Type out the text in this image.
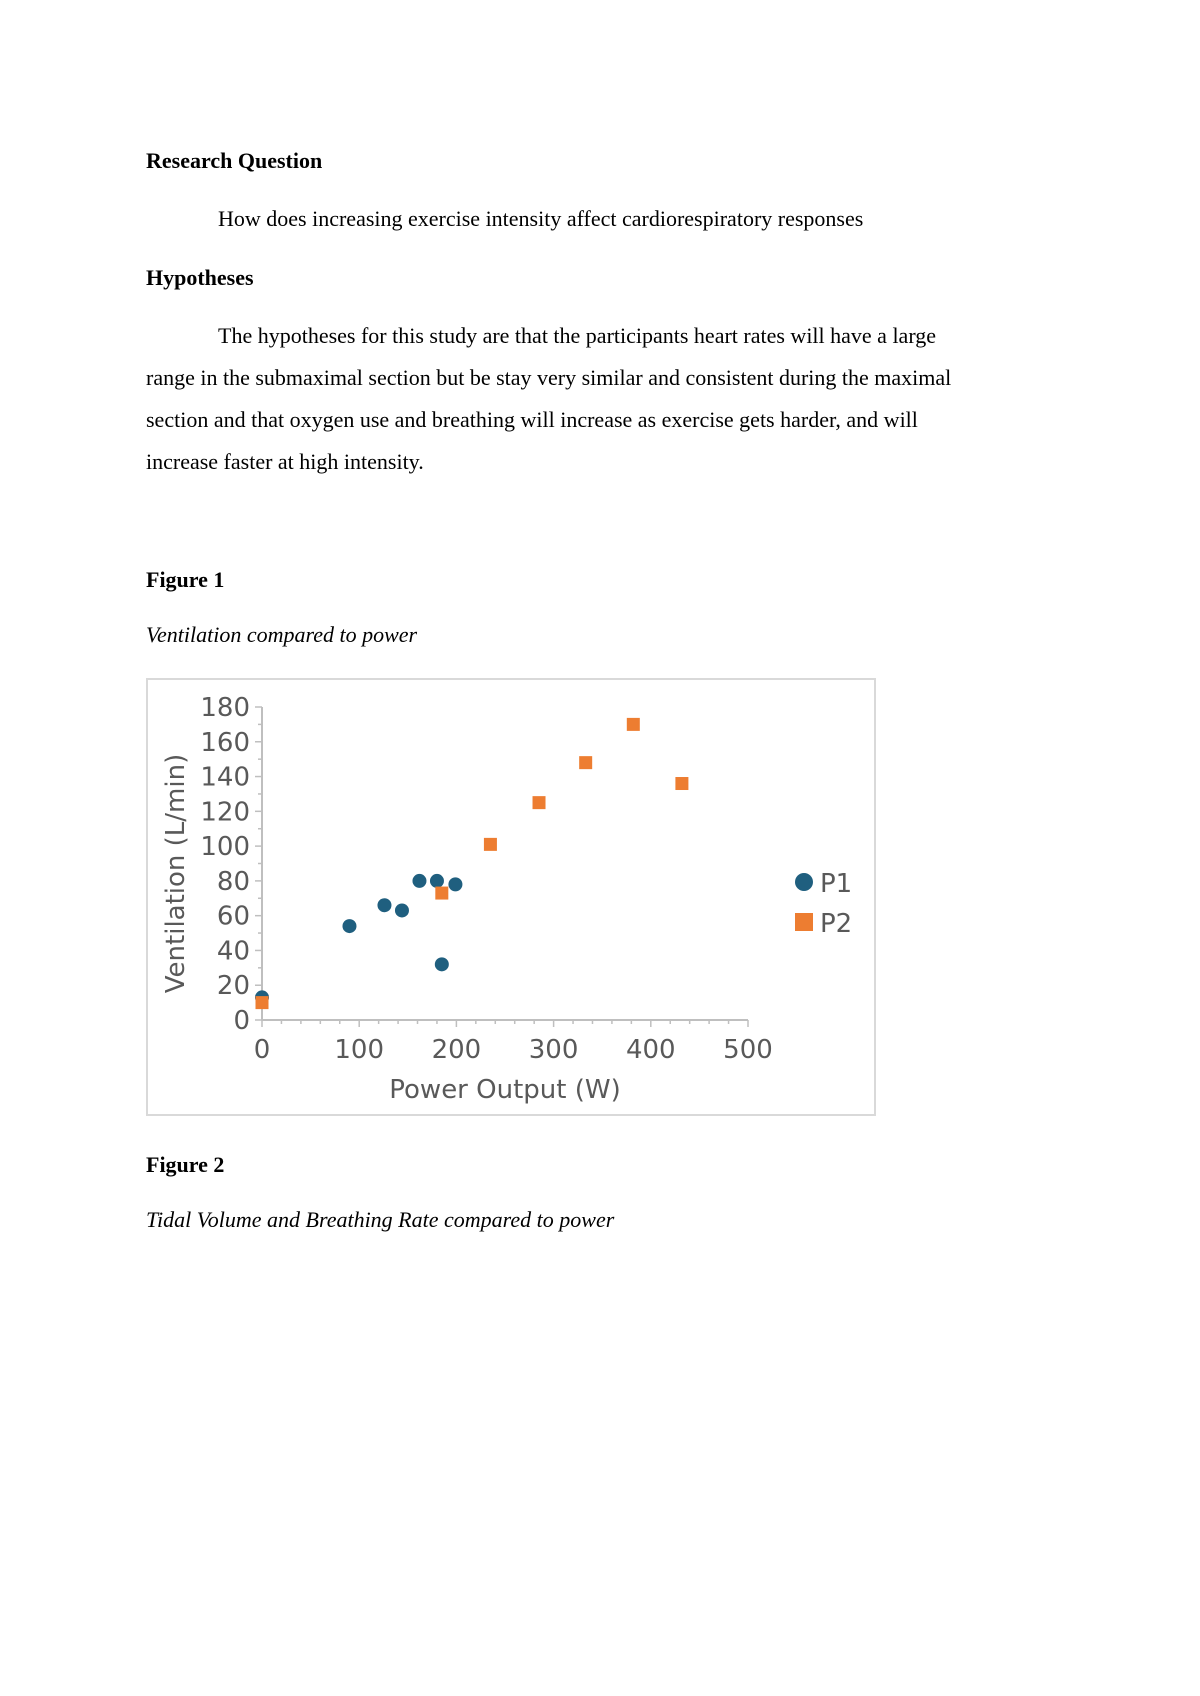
Research Question
How does increasing exercise intensity affect cardiorespiratory responses
Hypotheses
The hypotheses for this study are that the participants heart rates will have a large
range in the submaximal section but be stay very similar and consistent during the maximal
section and that oxygen use and breathing will increase as exercise gets harder, and will
increase faster at high intensity.
Figure 1
Ventilation compared to power
0
20
40
60
80
100
120
140
160
180
0 100 200 300 400 500
Power Output (W)
Ventilation (L/min)	P1
P2
Figure 2
Tidal Volume and Breathing Rate compared to power
